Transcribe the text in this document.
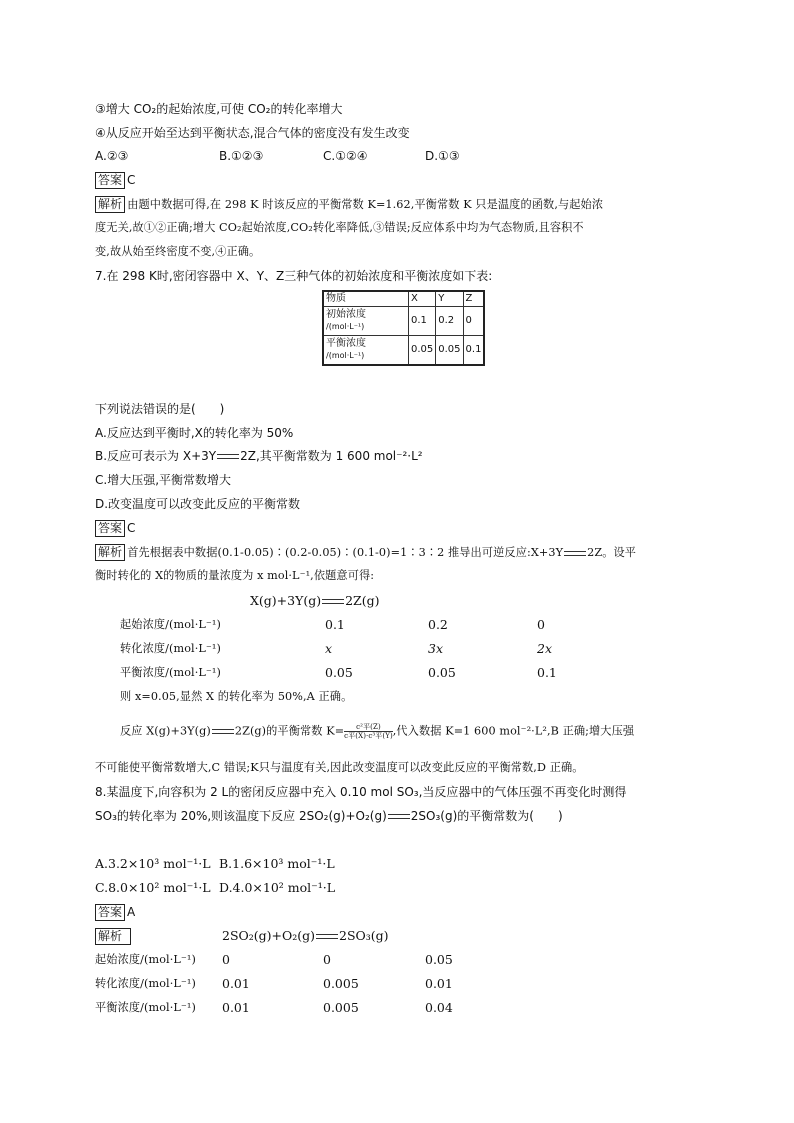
③增大 CO₂的起始浓度,可使 CO₂的转化率增大
④从反应开始至达到平衡状态,混合气体的密度没有发生改变
A.②③	B.①②③	C.①②④	D.①③
答案 C
解析 由题中数据可得,在 298 K 时该反应的平衡常数 K=1.62,平衡常数 K 只是温度的函数,与起始浓
度无关,故①②正确;增大 CO₂起始浓度,CO₂转化率降低,③错误;反应体系中均为气态物质,且容积不
变,故从始至终密度不变,④正确。
7.在 298 K时,密闭容器中 X、Y、Z三种气体的初始浓度和平衡浓度如下表:
物质	X	Y	Z

初始浓度
/(mol·L⁻¹)	0.1	0.2	0

平衡浓度
/(mol·L⁻¹)	0.05	0.05	0.1
下列说法错误的是(　　)
A.反应达到平衡时,X的转化率为 50%
B.反应可表示为 X+3Y 2Z,其平衡常数为 1 600 mol⁻²·L²
C.增大压强,平衡常数增大
D.改变温度可以改变此反应的平衡常数
答案 C
解析 首先根据表中数据(0.1-0.05)∶(0.2-0.05)∶(0.1-0)=1∶3∶2 推导出可逆反应:X+3Y 2Z。设平
衡时转化的 X的物质的量浓度为 x mol·L⁻¹,依题意可得:
X(g)+3Y(g) 2Z(g)
起始浓度/(mol·L⁻¹)	0.1	0.2	0
转化浓度/(mol·L⁻¹)	x	3x	2x
平衡浓度/(mol·L⁻¹)	0.05	0.05	0.1
则 x=0.05,显然 X 的转化率为 50%,A 正确。
反应 X(g)+3Y(g) 2Z(g)的平衡常数 $K= \frac{\text{c²平(Z)}}{\text{c平(X)·c³平(Y)}}$ ,代入数据 K=1 600 mol⁻²·L²,B 正确;增大压强
不可能使平衡常数增大,C 错误;K只与温度有关,因此改变温度可以改变此反应的平衡常数,D 正确。
8.某温度下,向容积为 2 L的密闭反应器中充入 0.10 mol SO₃,当反应器中的气体压强不再变化时测得
SO₃的转化率为 20%,则该温度下反应 2SO₂(g)+O₂(g) 2SO₃(g)的平衡常数为(　　)
A.3.2×10³ mol⁻¹·L B.1.6×10³ mol⁻¹·L
C.8.0×10² mol⁻¹·L D.4.0×10² mol⁻¹·L
答案 A
解析	2SO₂(g)+O₂(g) 2SO₃(g)
起始浓度/(mol·L⁻¹) 0	0	0.05
转化浓度/(mol·L⁻¹) 0.01	0.005	0.01
平衡浓度/(mol·L⁻¹) 0.01	0.005	0.04
